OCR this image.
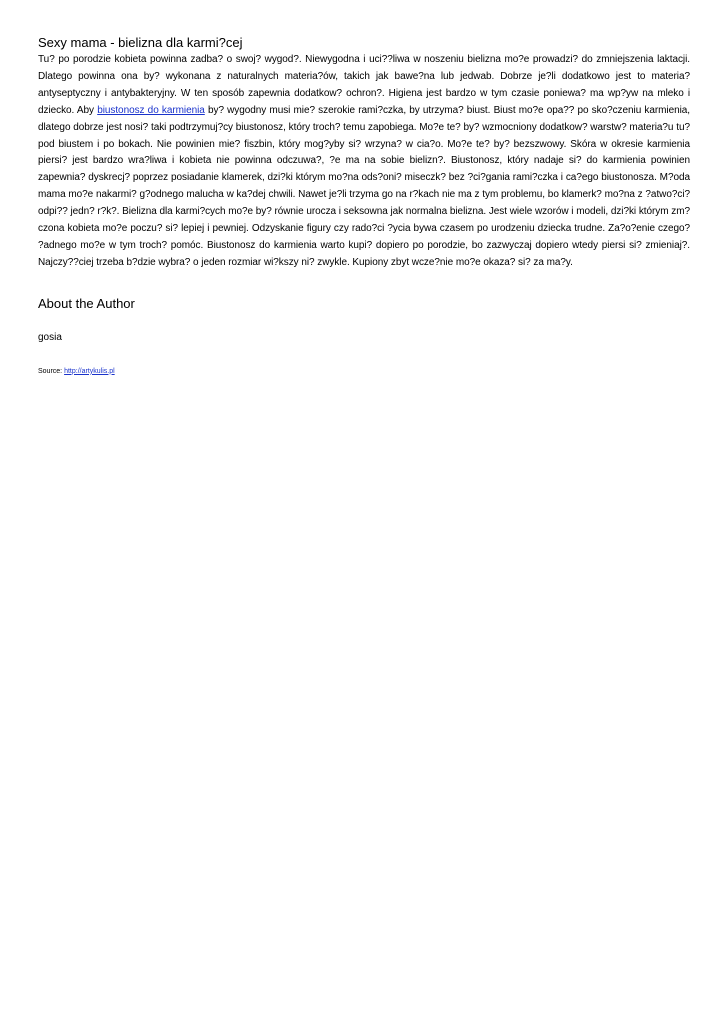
Sexy mama - bielizna dla karmi?cej

Tu? po porodzie kobieta powinna zadba? o swoj? wygod?. Niewygodna i uci??liwa w noszeniu bielizna mo?e prowadzi? do zmniejszenia laktacji. Dlatego powinna ona by? wykonana z naturalnych materia?ów, takich jak bawe?na lub jedwab. Dobrze je?li dodatkowo jest to materia? antyseptyczny i antybakteryjny. W ten sposób zapewnia dodatkow? ochron?. Higiena jest bardzo w tym czasie poniewa? ma wp?yw na mleko i dziecko. Aby biustonosz do karmienia by? wygodny musi mie? szerokie rami?czka, by utrzyma? biust. Biust mo?e opa?? po sko?czeniu karmienia, dlatego dobrze jest nosi? taki podtrzymuj?cy biustonosz, który troch? temu zapobiega. Mo?e te? by? wzmocniony dodatkow? warstw? materia?u tu? pod biustem i po bokach. Nie powinien mie? fiszbin, który mog?yby si? wrzyna? w cia?o. Mo?e te? by? bezszwowy. Skóra w okresie karmienia piersi? jest bardzo wra?liwa i kobieta nie powinna odczuwa?, ?e ma na sobie bielizn?. Biustonosz, który nadaje si? do karmienia powinien zapewnia? dyskrecj? poprzez posiadanie klamerek, dzi?ki którym mo?na ods?oni? miseczk? bez ?ci?gania rami?czka i ca?ego biustonosza. M?oda mama mo?e nakarmi? g?odnego malucha w ka?dej chwili. Nawet je?li trzyma go na r?kach nie ma z tym problemu, bo klamerk? mo?na z ?atwo?ci? odpi?? jedn? r?k?. Bielizna dla karmi?cych mo?e by? równie urocza i seksowna jak normalna bielizna. Jest wiele wzorów i modeli, dzi?ki którym zm?czona kobieta mo?e poczu? si? lepiej i pewniej. Odzyskanie figury czy rado?ci ?ycia bywa czasem po urodzeniu dziecka trudne. Za?o?enie czego? ?adnego mo?e w tym troch? pomóc. Biustonosz do karmienia warto kupi? dopiero po porodzie, bo zazwyczaj dopiero wtedy piersi si? zmieniaj?. Najczy??ciej trzeba b?dzie wybra? o jeden rozmiar wi?kszy ni? zwykle. Kupiony zbyt wcze?nie mo?e okaza? si? za ma?y.

About the Author

gosia

Source: http://artykulis.pl
